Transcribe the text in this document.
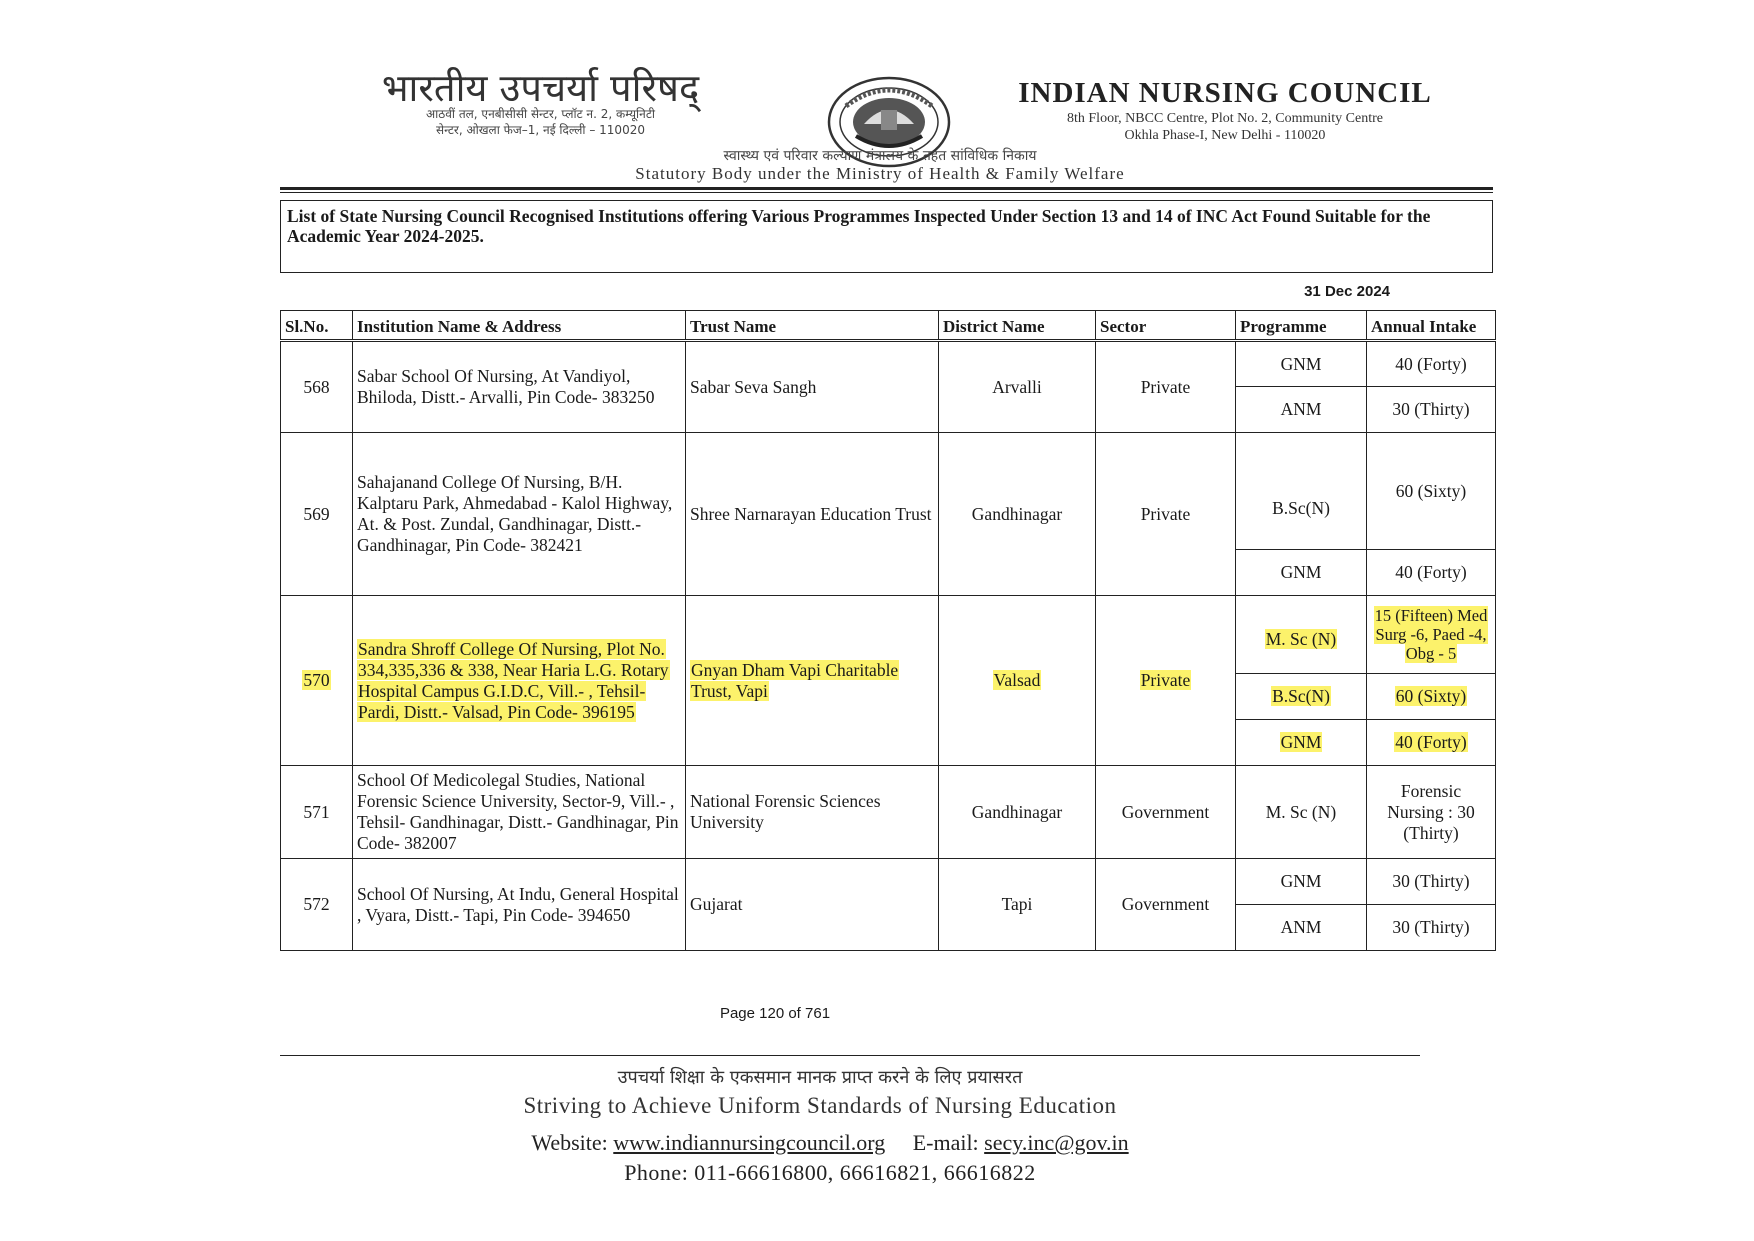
भारतीय उपचर्या परिषद्
आठवीं तल, एनबीसीसी सेन्टर, प्लॉट न. 2, कम्यूनिटी
सेन्टर, ओखला फेज–1, नई दिल्ली – 110020
INDIAN NURSING COUNCIL
8th Floor, NBCC Centre, Plot No. 2, Community Centre
Okhla Phase-I, New Delhi - 110020
स्वास्थ्य एवं परिवार कल्याण मंत्रालय के तहत सांविधिक निकाय
Statutory Body under the Ministry of Health & Family Welfare
List of State Nursing Council Recognised Institutions offering Various Programmes Inspected Under Section 13 and 14 of INC Act Found Suitable for the Academic Year 2024-2025.
31 Dec 2024
Sl.No.	Institution Name & Address	Trust Name	District Name	Sector	Programme	Annual Intake
568	Sabar School Of Nursing, At Vandiyol, Bhiloda, Distt.- Arvalli, Pin Code- 383250	Sabar Seva Sangh	Arvalli	Private	GNM	40 (Forty)
					ANM	30 (Thirty)
569	Sahajanand College Of Nursing, B/H. Kalptaru Park, Ahmedabad - Kalol Highway, At. & Post. Zundal, Gandhinagar, Distt.- Gandhinagar, Pin Code- 382421	Shree Narnarayan Education Trust	Gandhinagar	Private	B.Sc(N)	60 (Sixty)
					GNM	40 (Forty)
570	Sandra Shroff College Of Nursing, Plot No. 334,335,336 & 338, Near Haria L.G. Rotary Hospital Campus G.I.D.C, Vill.- , Tehsil- Pardi, Distt.- Valsad, Pin Code- 396195	Gnyan Dham Vapi Charitable Trust, Vapi	Valsad	Private	M. Sc (N)	15 (Fifteen) Med Surg -6, Paed -4, Obg - 5
					B.Sc(N)	60 (Sixty)
					GNM	40 (Forty)
571	School Of Medicolegal Studies, National Forensic Science University, Sector-9, Vill.- , Tehsil- Gandhinagar, Distt.- Gandhinagar, Pin Code- 382007	National Forensic Sciences University	Gandhinagar	Government	M. Sc (N)	Forensic Nursing : 30 (Thirty)
572	School Of Nursing, At Indu, General Hospital , Vyara, Distt.- Tapi, Pin Code- 394650	Gujarat	Tapi	Government	GNM	30 (Thirty)
					ANM	30 (Thirty)
Page 120 of 761
उपचर्या शिक्षा के एकसमान मानक प्राप्त करने के लिए प्रयासरत
Striving to Achieve Uniform Standards of Nursing Education
Website: www.indiannursingcouncil.org E-mail: secy.inc@gov.in
Phone: 011-66616800, 66616821, 66616822
